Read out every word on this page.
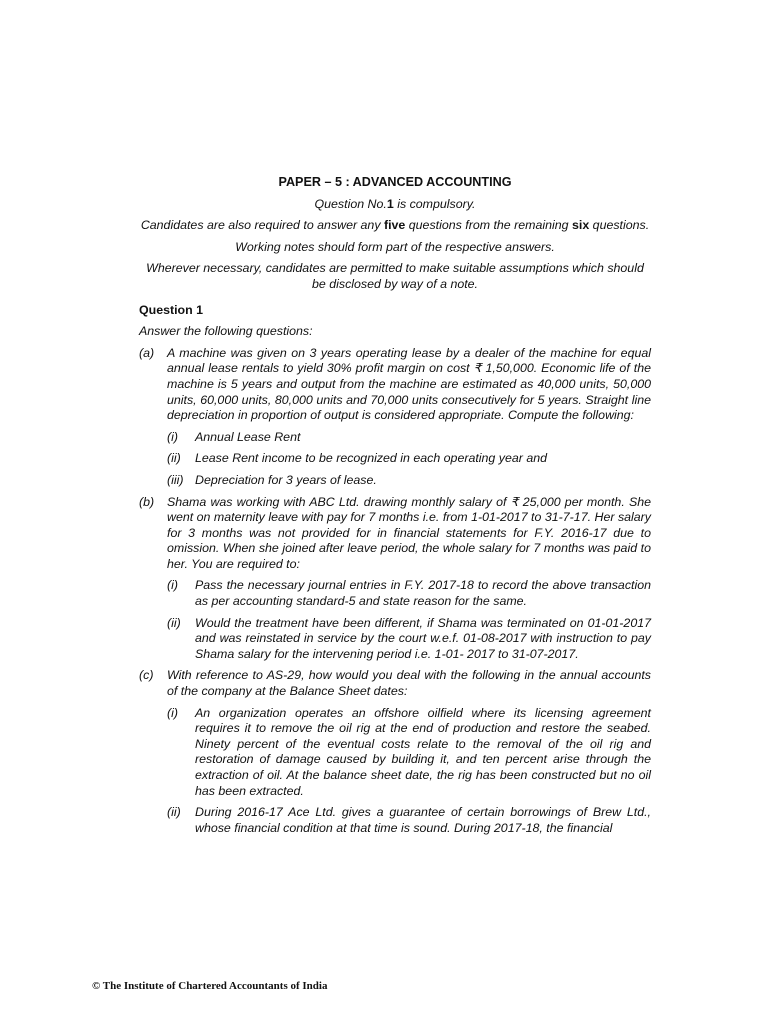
PAPER – 5 : ADVANCED ACCOUNTING
Question No.1 is compulsory.
Candidates are also required to answer any five questions from the remaining six questions.
Working notes should form part of the respective answers.
Wherever necessary, candidates are permitted to make suitable assumptions which should be disclosed by way of a note.
Question 1
Answer the following questions:
(a)	A machine was given on 3 years operating lease by a dealer of the machine for equal annual lease rentals to yield 30% profit margin on cost ₹ 1,50,000. Economic life of the machine is 5 years and output from the machine are estimated as 40,000 units, 50,000 units, 60,000 units, 80,000 units and 70,000 units consecutively for 5 years. Straight line depreciation in proportion of output is considered appropriate. Compute the following:
(i)	Annual Lease Rent
(ii)	Lease Rent income to be recognized in each operating year and
(iii) Depreciation for 3 years of lease.
(b)	Shama was working with ABC Ltd. drawing monthly salary of ₹ 25,000 per month. She went on maternity leave with pay for 7 months i.e. from 1-01-2017 to 31-7-17. Her salary for 3 months was not provided for in financial statements for F.Y. 2016-17 due to omission. When she joined after leave period, the whole salary for 7 months was paid to her. You are required to:
(i)	Pass the necessary journal entries in F.Y. 2017-18 to record the above transaction as per accounting standard-5 and state reason for the same.
(ii)	Would the treatment have been different, if Shama was terminated on 01-01-2017 and was reinstated in service by the court w.e.f. 01-08-2017 with instruction to pay Shama salary for the intervening period i.e. 1-01- 2017 to 31-07-2017.
(c)	With reference to AS-29, how would you deal with the following in the annual accounts of the company at the Balance Sheet dates:
(i)	An organization operates an offshore oilfield where its licensing agreement requires it to remove the oil rig at the end of production and restore the seabed. Ninety percent of the eventual costs relate to the removal of the oil rig and restoration of damage caused by building it, and ten percent arise through the extraction of oil. At the balance sheet date, the rig has been constructed but no oil has been extracted.
(ii)	During 2016-17 Ace Ltd. gives a guarantee of certain borrowings of Brew Ltd., whose financial condition at that time is sound. During 2017-18, the financial
© The Institute of Chartered Accountants of India
